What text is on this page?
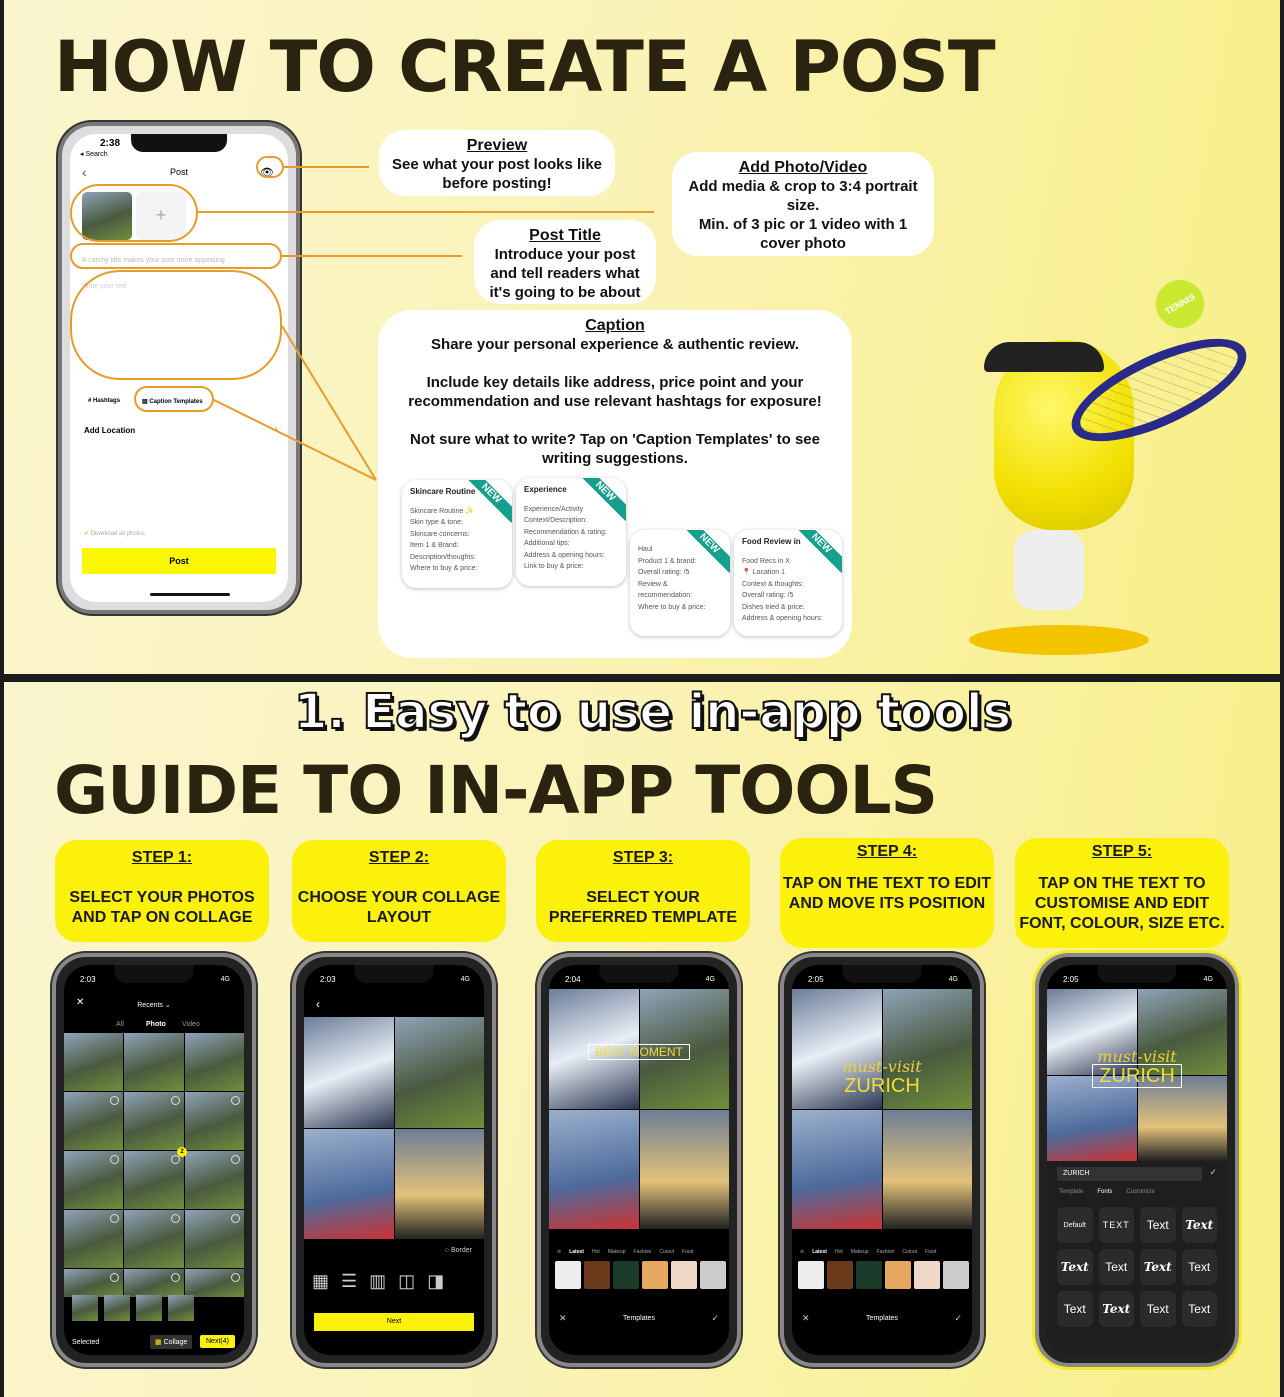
HOW TO CREATE A POST
2:38
◂ Search
‹	Post	👁
+
A catchy title makes your post more appealing
Write your text
# Hashtags	▤ Caption Templates
Add Location	›
✔ Download all photos
Post
Preview
See what your post looks like before posting!
Add Photo/Video
Add media & crop to 3:4 portrait size.
Min. of 3 pic or 1 video with 1 cover photo
Post Title
Introduce your post and tell readers what it's going to be about
Caption
Share your personal experience & authentic review.

Include key details like address, price point and your recommendation and use relevant hashtags for exposure!

Not sure what to write? Tap on 'Caption Templates' to see writing suggestions.
Skincare Routine NEW
Skincare Routine ✨
Skin type & tone:
Skincare concerns:
Item 1 & Brand:
Description/thoughts:
Where to buy & price:
Experience	NEW
Experience/Activity
Context/Description:
Recommendation & rating:
Additional tips:
Address & opening hours:
Link to buy & price:
NEW
Haul
Product 1 & brand:
Overall rating: /5
Review & recommendation:
Where to buy & price:
Food Review in NEW
Food Recs in X
📍 Location 1
Context & thoughts:
Overall rating: /5
Dishes tried & price:
Address & opening hours:
TENNIS
1. Easy to use in-app tools
GUIDE TO IN-APP TOOLS
STEP 1:
SELECT YOUR PHOTOS AND TAP ON COLLAGE
STEP 2:
CHOOSE YOUR COLLAGE LAYOUT
STEP 3:
SELECT YOUR PREFERRED TEMPLATE
STEP 4:
TAP ON THE TEXT TO EDIT AND MOVE ITS POSITION
STEP 5:
TAP ON THE TEXT TO CUSTOMISE AND EDIT FONT, COLOUR, SIZE ETC.
2:03	4G
✕	Recents ⌄
All	Photo Video
2
Selected	▦ Collage	Next(4)
2:03	4G
‹
○ Border
▦ ☰ ▥ ◫ ◨
Next
2:04	4G
BEST MOMENT
⊘ Latest Hot Makeup Fashion Cutout Food
✕	Templates	✓
2:05	4G
must-visit
ZURICH
⊘ Latest Hot Makeup Fashion Cutout Food
✕	Templates	✓
2:05	4G
must-visit
ZURICH
ZURICH	✓
Template Fonts Customize
Default	TEXT	Text	Text
Text	Text	Text	Text
Text	Text	Text	Text
